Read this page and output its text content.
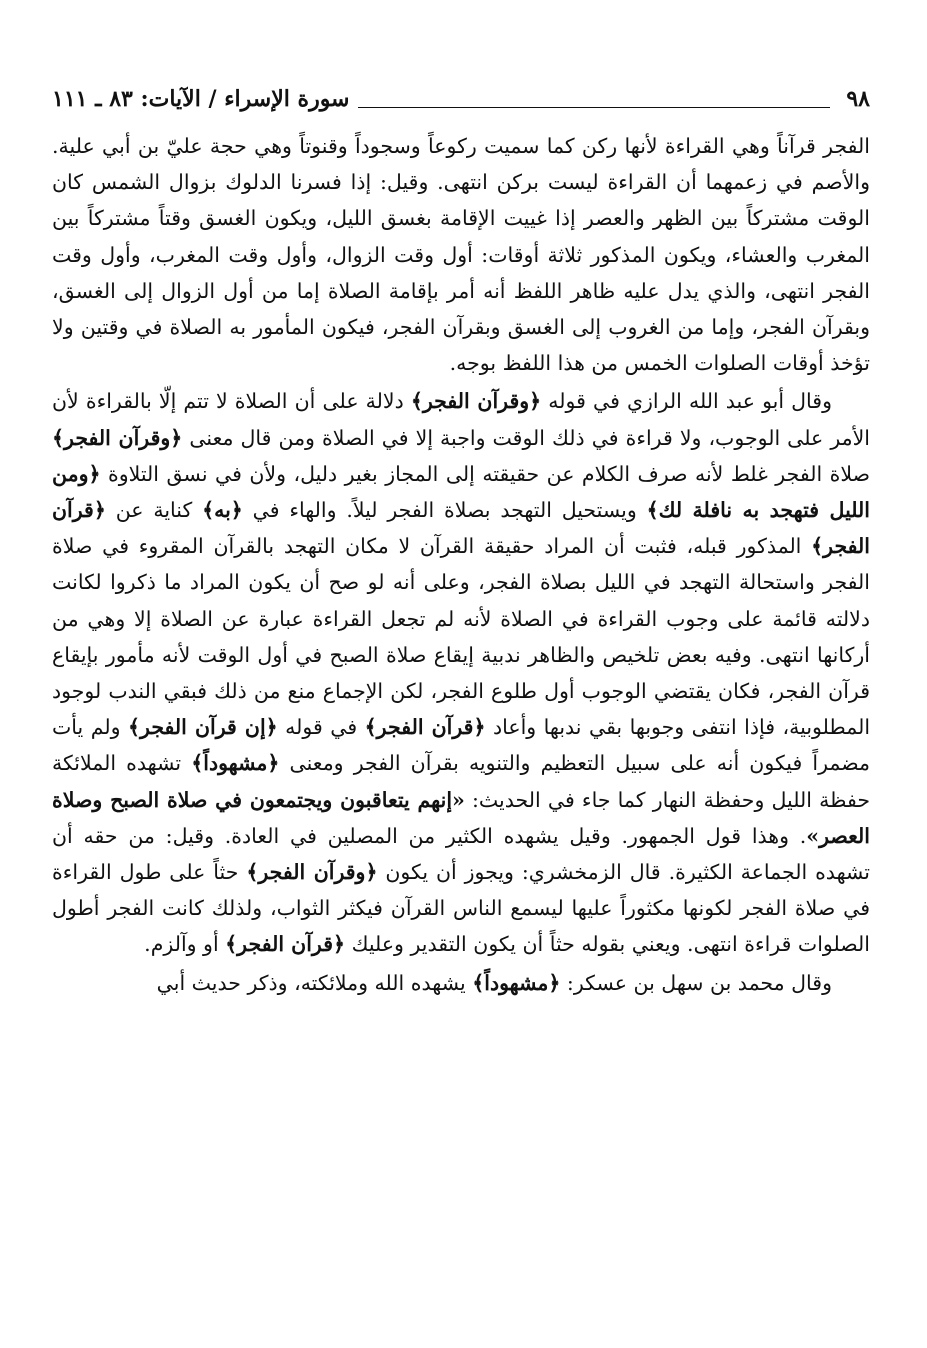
٩٨
سورة الإسراء / الآيات: ٨٣ ـ ١١١

الفجر قرآناً وهي القراءة لأنها ركن كما سميت ركوعاً وسجوداً وقنوتاً وهي حجة عليّ بن أبي علية. والأصم في زعمهما أن القراءة ليست بركن انتهى. وقيل: إذا فسرنا الدلوك بزوال الشمس كان الوقت مشتركاً بين الظهر والعصر إذا غييت الإقامة بغسق الليل، ويكون الغسق وقتاً مشتركاً بين المغرب والعشاء، ويكون المذكور ثلاثة أوقات: أول وقت الزوال، وأول وقت المغرب، وأول وقت الفجر انتهى، والذي يدل عليه ظاهر اللفظ أنه أمر بإقامة الصلاة إما من أول الزوال إلى الغسق، وبقرآن الفجر، وإما من الغروب إلى الغسق وبقرآن الفجر، فيكون المأمور به الصلاة في وقتين ولا تؤخذ أوقات الصلوات الخمس من هذا اللفظ بوجه.

وقال أبو عبد الله الرازي في قوله ﴿وقرآن الفجر﴾ دلالة على أن الصلاة لا تتم إلّا بالقراءة لأن الأمر على الوجوب، ولا قراءة في ذلك الوقت واجبة إلا في الصلاة ومن قال معنى ﴿وقرآن الفجر﴾ صلاة الفجر غلط لأنه صرف الكلام عن حقيقته إلى المجاز بغير دليل، ولأن في نسق التلاوة ﴿ومن الليل فتهجد به نافلة لك﴾ ويستحيل التهجد بصلاة الفجر ليلاً. والهاء في ﴿به﴾ كناية عن ﴿قرآن الفجر﴾ المذكور قبله، فثبت أن المراد حقيقة القرآن لا مكان التهجد بالقرآن المقروء في صلاة الفجر واستحالة التهجد في الليل بصلاة الفجر، وعلى أنه لو صح أن يكون المراد ما ذكروا لكانت دلالته قائمة على وجوب القراءة في الصلاة لأنه لم تجعل القراءة عبارة عن الصلاة إلا وهي من أركانها انتهى. وفيه بعض تلخيص والظاهر ندبية إيقاع صلاة الصبح في أول الوقت لأنه مأمور بإيقاع قرآن الفجر، فكان يقتضي الوجوب أول طلوع الفجر، لكن الإجماع منع من ذلك فبقي الندب لوجود المطلوبية، فإذا انتفى وجوبها بقي ندبها وأعاد ﴿قرآن الفجر﴾ في قوله ﴿إن قرآن الفجر﴾ ولم يأت مضمراً فيكون أنه على سبيل التعظيم والتنويه بقرآن الفجر ومعنى ﴿مشهوداً﴾ تشهده الملائكة حفظة الليل وحفظة النهار كما جاء في الحديث: «إنهم يتعاقبون ويجتمعون في صلاة الصبح وصلاة العصر». وهذا قول الجمهور. وقيل يشهده الكثير من المصلين في العادة. وقيل: من حقه أن تشهده الجماعة الكثيرة. قال الزمخشري: ويجوز أن يكون ﴿وقرآن الفجر﴾ حثاً على طول القراءة في صلاة الفجر لكونها مكثوراً عليها ليسمع الناس القرآن فيكثر الثواب، ولذلك كانت الفجر أطول الصلوات قراءة انتهى. ويعني بقوله حثاً أن يكون التقدير وعليك ﴿قرآن الفجر﴾ أو وآلزم.

وقال محمد بن سهل بن عسكر: ﴿مشهوداً﴾ يشهده الله وملائكته، وذكر حديث أبي
